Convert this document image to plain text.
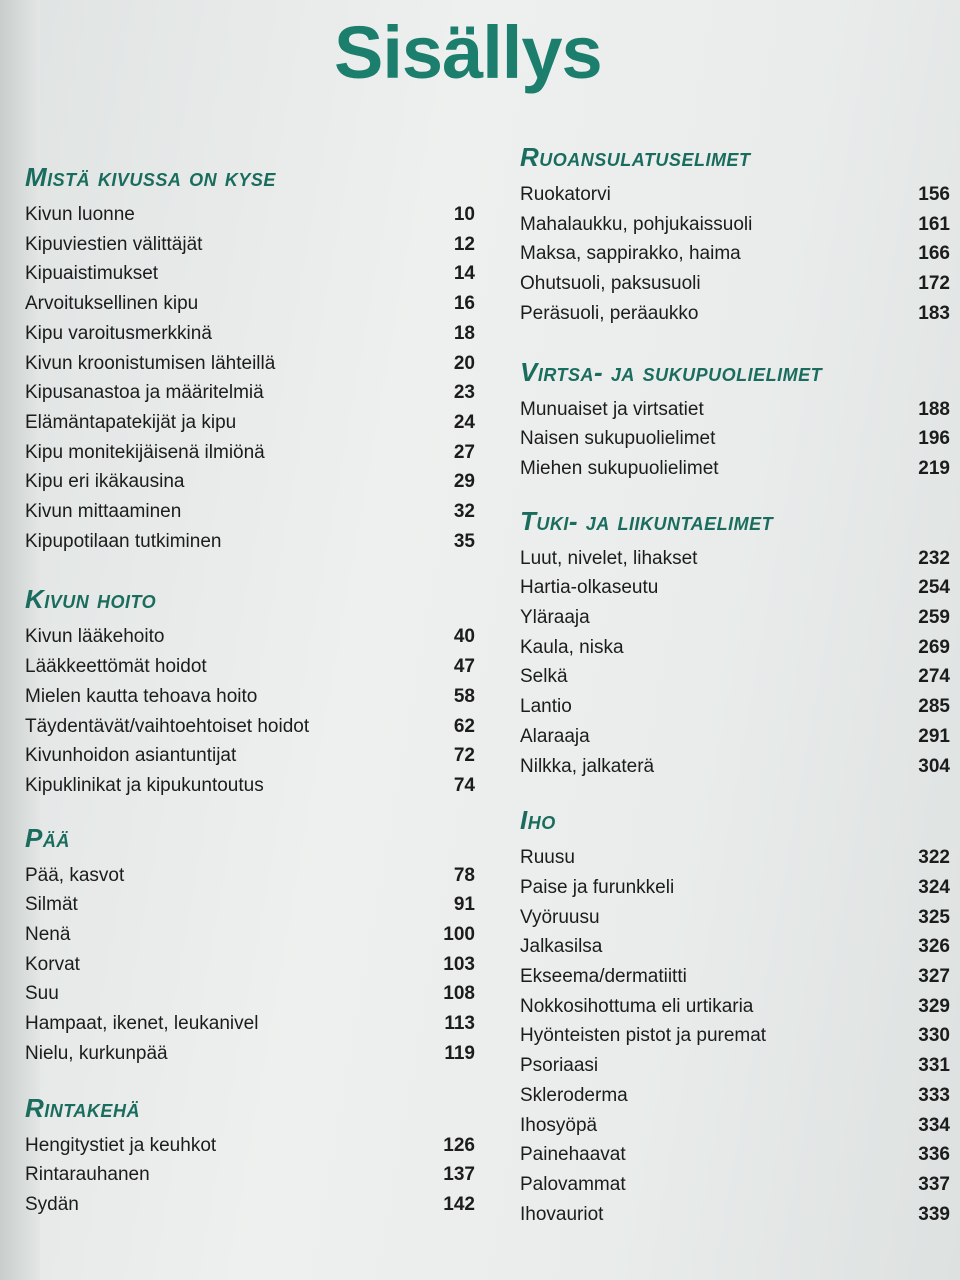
Sisällys
Mistä kivussa on kyse
Kivun luonne	10
Kipuviestien välittäjät	12
Kipuaistimukset	14
Arvoituksellinen kipu	16
Kipu varoitusmerkkinä	18
Kivun kroonistumisen lähteillä	20
Kipusanastoa ja määritelmiä	23
Elämäntapatekijät ja kipu	24
Kipu monitekijäisenä ilmiönä	27
Kipu eri ikäkausina	29
Kivun mittaaminen	32
Kipupotilaan tutkiminen	35
Kivun hoito
Kivun lääkehoito	40
Lääkkeettömät hoidot	47
Mielen kautta tehoava hoito	58
Täydentävät/vaihtoehtoiset hoidot	62
Kivunhoidon asiantuntijat	72
Kipuklinikat ja kipukuntoutus	74
Pää
Pää, kasvot	78
Silmät	91
Nenä	100
Korvat	103
Suu	108
Hampaat, ikenet, leukanivel	113
Nielu, kurkunpää	119
Rintakehä
Hengitystiet ja keuhkot	126
Rintarauhanen	137
Sydän	142
Ruoansulatuselimet
Ruokatorvi	156
Mahalaukku, pohjukaissuoli	161
Maksa, sappirakko, haima	166
Ohutsuoli, paksusuoli	172
Peräsuoli, peräaukko	183
Virtsa- ja sukupuolielimet
Munuaiset ja virtsatiet	188
Naisen sukupuolielimet	196
Miehen sukupuolielimet	219
Tuki- ja liikuntaelimet
Luut, nivelet, lihakset	232
Hartia-olkaseutu	254
Yläraaja	259
Kaula, niska	269
Selkä	274
Lantio	285
Alaraaja	291
Nilkka, jalkaterä	304
Iho
Ruusu	322
Paise ja furunkkeli	324
Vyöruusu	325
Jalkasilsa	326
Ekseema/dermatiitti	327
Nokkosihottuma eli urtikaria	329
Hyönteisten pistot ja puremat	330
Psoriaasi	331
Skleroderma	333
Ihosyöpä	334
Painehaavat	336
Palovammat	337
Ihovauriot	339
